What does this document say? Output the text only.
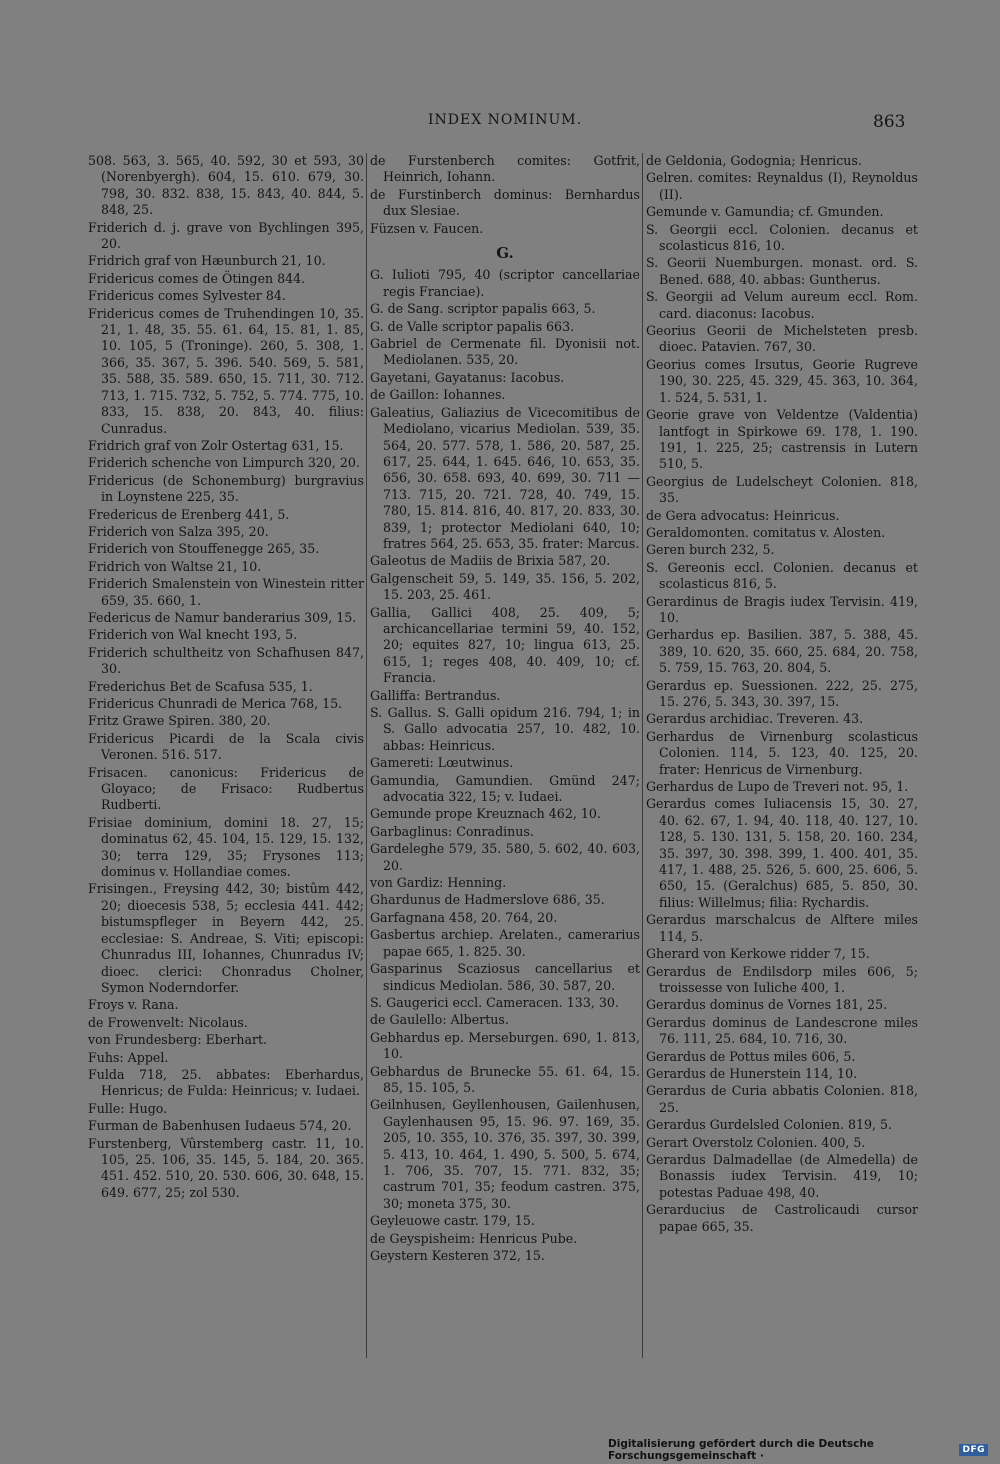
INDEX NOMINUM.	863
508. 563, 3. 565, 40. 592, 30 et 593, 30 (Norenbyergh). 604, 15. 610. 679, 30. 798, 30. 832. 838, 15. 843, 40. 844, 5. 848, 25.
Friderich d. j. grave von Bychlingen 395, 20.
Fridrich graf von Hæunburch 21, 10.
Fridericus comes de Ötingen 844.
Fridericus comes Sylvester 84.
Fridericus comes de Truhendingen 10, 35. 21, 1. 48, 35. 55. 61. 64, 15. 81, 1. 85, 10. 105, 5 (Troninge). 260, 5. 308, 1. 366, 35. 367, 5. 396. 540. 569, 5. 581, 35. 588, 35. 589. 650, 15. 711, 30. 712. 713, 1. 715. 732, 5. 752, 5. 774. 775, 10. 833, 15. 838, 20. 843, 40. filius: Cunradus.
Fridrich graf von Zolr Ostertag 631, 15.
Friderich schenche von Limpurch 320, 20.
Fridericus (de Schonemburg) burgravius in Loynstene 225, 35.
Fredericus de Erenberg 441, 5.
Friderich von Salza 395, 20.
Friderich von Stouffenegge 265, 35.
Fridrich von Waltse 21, 10.
Friderich Smalenstein von Winestein ritter 659, 35. 660, 1.
Federicus de Namur banderarius 309, 15.
Friderich von Wal knecht 193, 5.
Friderich schultheitz von Schafhusen 847, 30.
Frederichus Bet de Scafusa 535, 1.
Fridericus Chunradi de Merica 768, 15.
Fritz Grawe Spiren. 380, 20.
Fridericus Picardi de la Scala civis Veronen. 516. 517.
Frisacen. canonicus: Fridericus de Gloyaco; de Frisaco: Rudbertus Rudberti.
Frisiae dominium, domini 18. 27, 15; dominatus 62, 45. 104, 15. 129, 15. 132, 30; terra 129, 35; Frysones 113; dominus v. Hollandiae comes.
Frisingen., Freysing 442, 30; bistûm 442, 20; dioecesis 538, 5; ecclesia 441. 442; bistumspfleger in Beyern 442, 25. ecclesiae: S. Andreae, S. Viti; episcopi: Chunradus III, Iohannes, Chunradus IV; dioec. clerici: Chonradus Cholner, Symon Noderndorfer.
Froys v. Rana.
de Frowenvelt: Nicolaus.
von Frundesberg: Eberhart.
Fuhs: Appel.
Fulda 718, 25. abbates: Eberhardus, Henricus; de Fulda: Heinricus; v. Iudaei.
Fulle: Hugo.
Furman de Babenhusen Iudaeus 574, 20.
Furstenberg, Vûrstemberg castr. 11, 10. 105, 25. 106, 35. 145, 5. 184, 20. 365. 451. 452. 510, 20. 530. 606, 30. 648, 15. 649. 677, 25; zol 530.
de Furstenberch comites: Gotfrit, Heinrich, Iohann.
de Furstinberch dominus: Bernhardus dux Slesiae.
Füzsen v. Faucen.
G.
G. Iulioti 795, 40 (scriptor cancellariae regis Franciae).
G. de Sang. scriptor papalis 663, 5.
G. de Valle scriptor papalis 663.
Gabriel de Cermenate fil. Dyonisii not. Mediolanen. 535, 20.
Gayetani, Gayatanus: Iacobus.
de Gaillon: Iohannes.
Galeatius, Galiazius de Vicecomitibus de Mediolano, vicarius Mediolan. 539, 35. 564, 20. 577. 578, 1. 586, 20. 587, 25. 617, 25. 644, 1. 645. 646, 10. 653, 35. 656, 30. 658. 693, 40. 699, 30. 711 — 713. 715, 20. 721. 728, 40. 749, 15. 780, 15. 814. 816, 40. 817, 20. 833, 30. 839, 1; protector Mediolani 640, 10; fratres 564, 25. 653, 35. frater: Marcus.
Galeotus de Madiis de Brixia 587, 20.
Galgenscheit 59, 5. 149, 35. 156, 5. 202, 15. 203, 25. 461.
Gallia, Gallici 408, 25. 409, 5; archicancellariae termini 59, 40. 152, 20; equites 827, 10; lingua 613, 25. 615, 1; reges 408, 40. 409, 10; cf. Francia.
Galliffa: Bertrandus.
S. Gallus. S. Galli opidum 216. 794, 1; in S. Gallo advocatia 257, 10. 482, 10. abbas: Heinricus.
Gamereti: Lœutwinus.
Gamundia, Gamundien. Gmünd 247; advocatia 322, 15; v. Iudaei.
Gemunde prope Kreuznach 462, 10.
Garbaglinus: Conradinus.
Gardeleghe 579, 35. 580, 5. 602, 40. 603, 20.
von Gardiz: Henning.
Ghardunus de Hadmerslove 686, 35.
Garfagnana 458, 20. 764, 20.
Gasbertus archiep. Arelaten., camerarius papae 665, 1. 825. 30.
Gasparinus Scaziosus cancellarius et sindicus Mediolan. 586, 30. 587, 20.
S. Gaugerici eccl. Cameracen. 133, 30.
de Gaulello: Albertus.
Gebhardus ep. Merseburgen. 690, 1. 813, 10.
Gebhardus de Brunecke 55. 61. 64, 15. 85, 15. 105, 5.
Geilnhusen, Geyllenhousen, Gailenhusen, Gaylenhausen 95, 15. 96. 97. 169, 35. 205, 10. 355, 10. 376, 35. 397, 30. 399, 5. 413, 10. 464, 1. 490, 5. 500, 5. 674, 1. 706, 35. 707, 15. 771. 832, 35; castrum 701, 35; feodum castren. 375, 30; moneta 375, 30.
Geyleuowe castr. 179, 15.
de Geyspisheim: Henricus Pube.
Geystern Kesteren 372, 15.
de Geldonia, Godognia; Henricus.
Gelren. comites: Reynaldus (I), Reynoldus (II).
Gemunde v. Gamundia; cf. Gmunden.
S. Georgii eccl. Colonien. decanus et scolasticus 816, 10.
S. Georii Nuemburgen. monast. ord. S. Bened. 688, 40. abbas: Guntherus.
S. Georgii ad Velum aureum eccl. Rom. card. diaconus: Iacobus.
Georius Georii de Michelsteten presb. dioec. Patavien. 767, 30.
Georius comes Irsutus, Georie Rugreve 190, 30. 225, 45. 329, 45. 363, 10. 364, 1. 524, 5. 531, 1.
Georie grave von Veldentze (Valdentia) lantfogt in Spirkowe 69. 178, 1. 190. 191, 1. 225, 25; castrensis in Lutern 510, 5.
Georgius de Ludelscheyt Colonien. 818, 35.
de Gera advocatus: Heinricus.
Geraldomonten. comitatus v. Alosten.
Geren burch 232, 5.
S. Gereonis eccl. Colonien. decanus et scolasticus 816, 5.
Gerardinus de Bragis iudex Tervisin. 419, 10.
Gerhardus ep. Basilien. 387, 5. 388, 45. 389, 10. 620, 35. 660, 25. 684, 20. 758, 5. 759, 15. 763, 20. 804, 5.
Gerardus ep. Suessionen. 222, 25. 275, 15. 276, 5. 343, 30. 397, 15.
Gerardus archidiac. Treveren. 43.
Gerhardus de Virnenburg scolasticus Colonien. 114, 5. 123, 40. 125, 20. frater: Henricus de Virnenburg.
Gerhardus de Lupo de Treveri not. 95, 1.
Gerardus comes Iuliacensis 15, 30. 27, 40. 62. 67, 1. 94, 40. 118, 40. 127, 10. 128, 5. 130. 131, 5. 158, 20. 160. 234, 35. 397, 30. 398. 399, 1. 400. 401, 35. 417, 1. 488, 25. 526, 5. 600, 25. 606, 5. 650, 15. (Geralchus) 685, 5. 850, 30. filius: Willelmus; filia: Rychardis.
Gerardus marschalcus de Alftere miles 114, 5.
Gherard von Kerkowe ridder 7, 15.
Gerardus de Endilsdorp miles 606, 5; troissesse von Iuliche 400, 1.
Gerardus dominus de Vornes 181, 25.
Gerardus dominus de Landescrone miles 76. 111, 25. 684, 10. 716, 30.
Gerardus de Pottus miles 606, 5.
Gerardus de Hunerstein 114, 10.
Gerardus de Curia abbatis Colonien. 818, 25.
Gerardus Gurdelsled Colonien. 819, 5.
Gerart Overstolz Colonien. 400, 5.
Gerardus Dalmadellae (de Almedella) de Bonassis iudex Tervisin. 419, 10; potestas Paduae 498, 40.
Gerarducius de Castrolicaudi cursor papae 665, 35.
Digitalisierung gefördert durch die Deutsche Forschungsgemeinschaft ·	DFG
